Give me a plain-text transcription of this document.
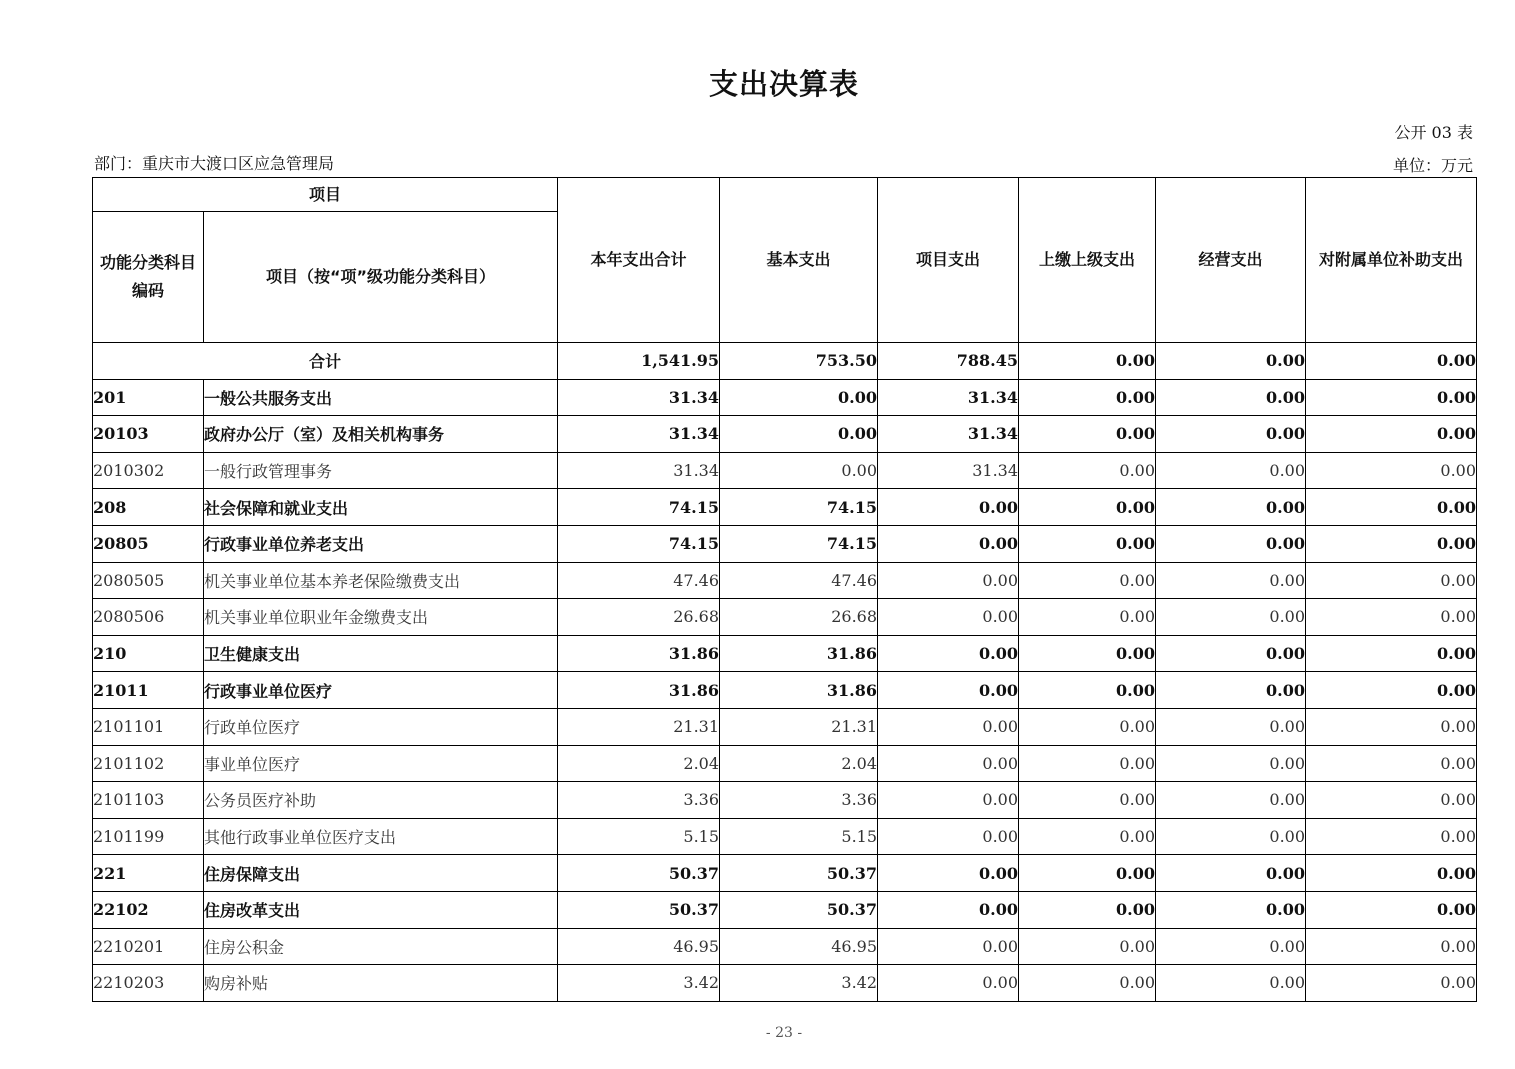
支出决算表
公开 03 表
部门：重庆市大渡口区应急管理局	单位：万元
项目		本年支出合计	基本支出	项目支出	上缴上级支出	经营支出	对附属单位补助支出
功能分类科目编码	项目（按“项”级功能分类科目）						
合计		1,541.95	753.50	788.45	0.00	0.00	0.00
201	一般公共服务支出	31.34	0.00	31.34	0.00	0.00	0.00
20103	政府办公厅（室）及相关机构事务	31.34	0.00	31.34	0.00	0.00	0.00
2010302	一般行政管理事务	31.34	0.00	31.34	0.00	0.00	0.00
208	社会保障和就业支出	74.15	74.15	0.00	0.00	0.00	0.00
20805	行政事业单位养老支出	74.15	74.15	0.00	0.00	0.00	0.00
2080505	机关事业单位基本养老保险缴费支出	47.46	47.46	0.00	0.00	0.00	0.00
2080506	机关事业单位职业年金缴费支出	26.68	26.68	0.00	0.00	0.00	0.00
210	卫生健康支出	31.86	31.86	0.00	0.00	0.00	0.00
21011	行政事业单位医疗	31.86	31.86	0.00	0.00	0.00	0.00
2101101	行政单位医疗	21.31	21.31	0.00	0.00	0.00	0.00
2101102	事业单位医疗	2.04	2.04	0.00	0.00	0.00	0.00
2101103	公务员医疗补助	3.36	3.36	0.00	0.00	0.00	0.00
2101199	其他行政事业单位医疗支出	5.15	5.15	0.00	0.00	0.00	0.00
221	住房保障支出	50.37	50.37	0.00	0.00	0.00	0.00
22102	住房改革支出	50.37	50.37	0.00	0.00	0.00	0.00
2210201	住房公积金	46.95	46.95	0.00	0.00	0.00	0.00
2210203	购房补贴	3.42	3.42	0.00	0.00	0.00	0.00
- 23 -
